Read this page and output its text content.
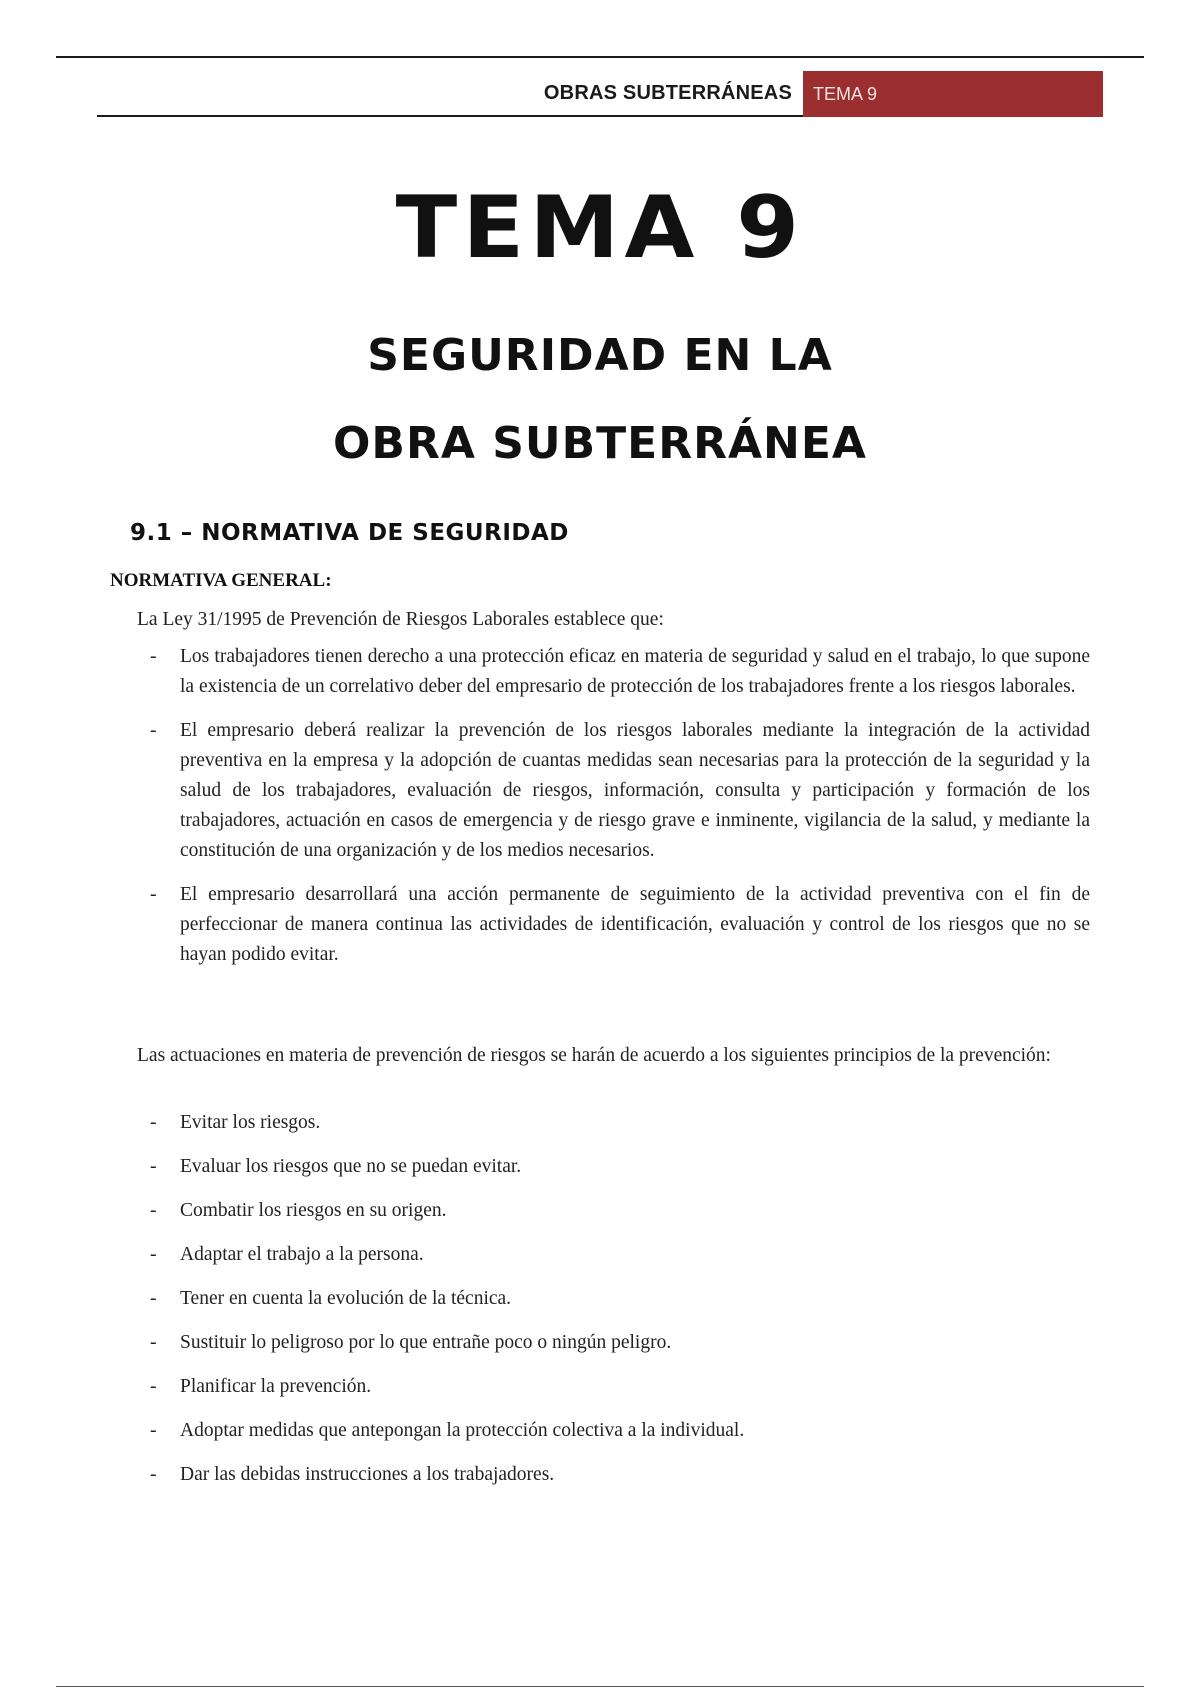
OBRAS SUBTERRÁNEAS	TEMA 9
TEMA 9
SEGURIDAD EN LA
OBRA SUBTERRÁNEA
9.1 – NORMATIVA DE SEGURIDAD
NORMATIVA GENERAL:
La Ley 31/1995 de Prevención de Riesgos Laborales establece que:
- Los trabajadores tienen derecho a una protección eficaz en materia de seguridad y salud en el trabajo, lo que supone la existencia de un correlativo deber del empresario de protección de los trabajadores frente a los riesgos laborales.
- El empresario deberá realizar la prevención de los riesgos laborales mediante la integración de la actividad preventiva en la empresa y la adopción de cuantas medidas sean necesarias para la protección de la seguridad y la salud de los trabajadores, evaluación de riesgos, información, consulta y participación y formación de los trabajadores, actuación en casos de emergencia y de riesgo grave e inminente, vigilancia de la salud, y mediante la constitución de una organización y de los medios necesarios.
- El empresario desarrollará una acción permanente de seguimiento de la actividad preventiva con el fin de perfeccionar de manera continua las actividades de identificación, evaluación y control de los riesgos que no se hayan podido evitar.
Las actuaciones en materia de prevención de riesgos se harán de acuerdo a los siguientes principios de la prevención:
- Evitar los riesgos.
- Evaluar los riesgos que no se puedan evitar.
- Combatir los riesgos en su origen.
- Adaptar el trabajo a la persona.
- Tener en cuenta la evolución de la técnica.
- Sustituir lo peligroso por lo que entrañe poco o ningún peligro.
- Planificar la prevención.
- Adoptar medidas que antepongan la protección colectiva a la individual.
- Dar las debidas instrucciones a los trabajadores.
